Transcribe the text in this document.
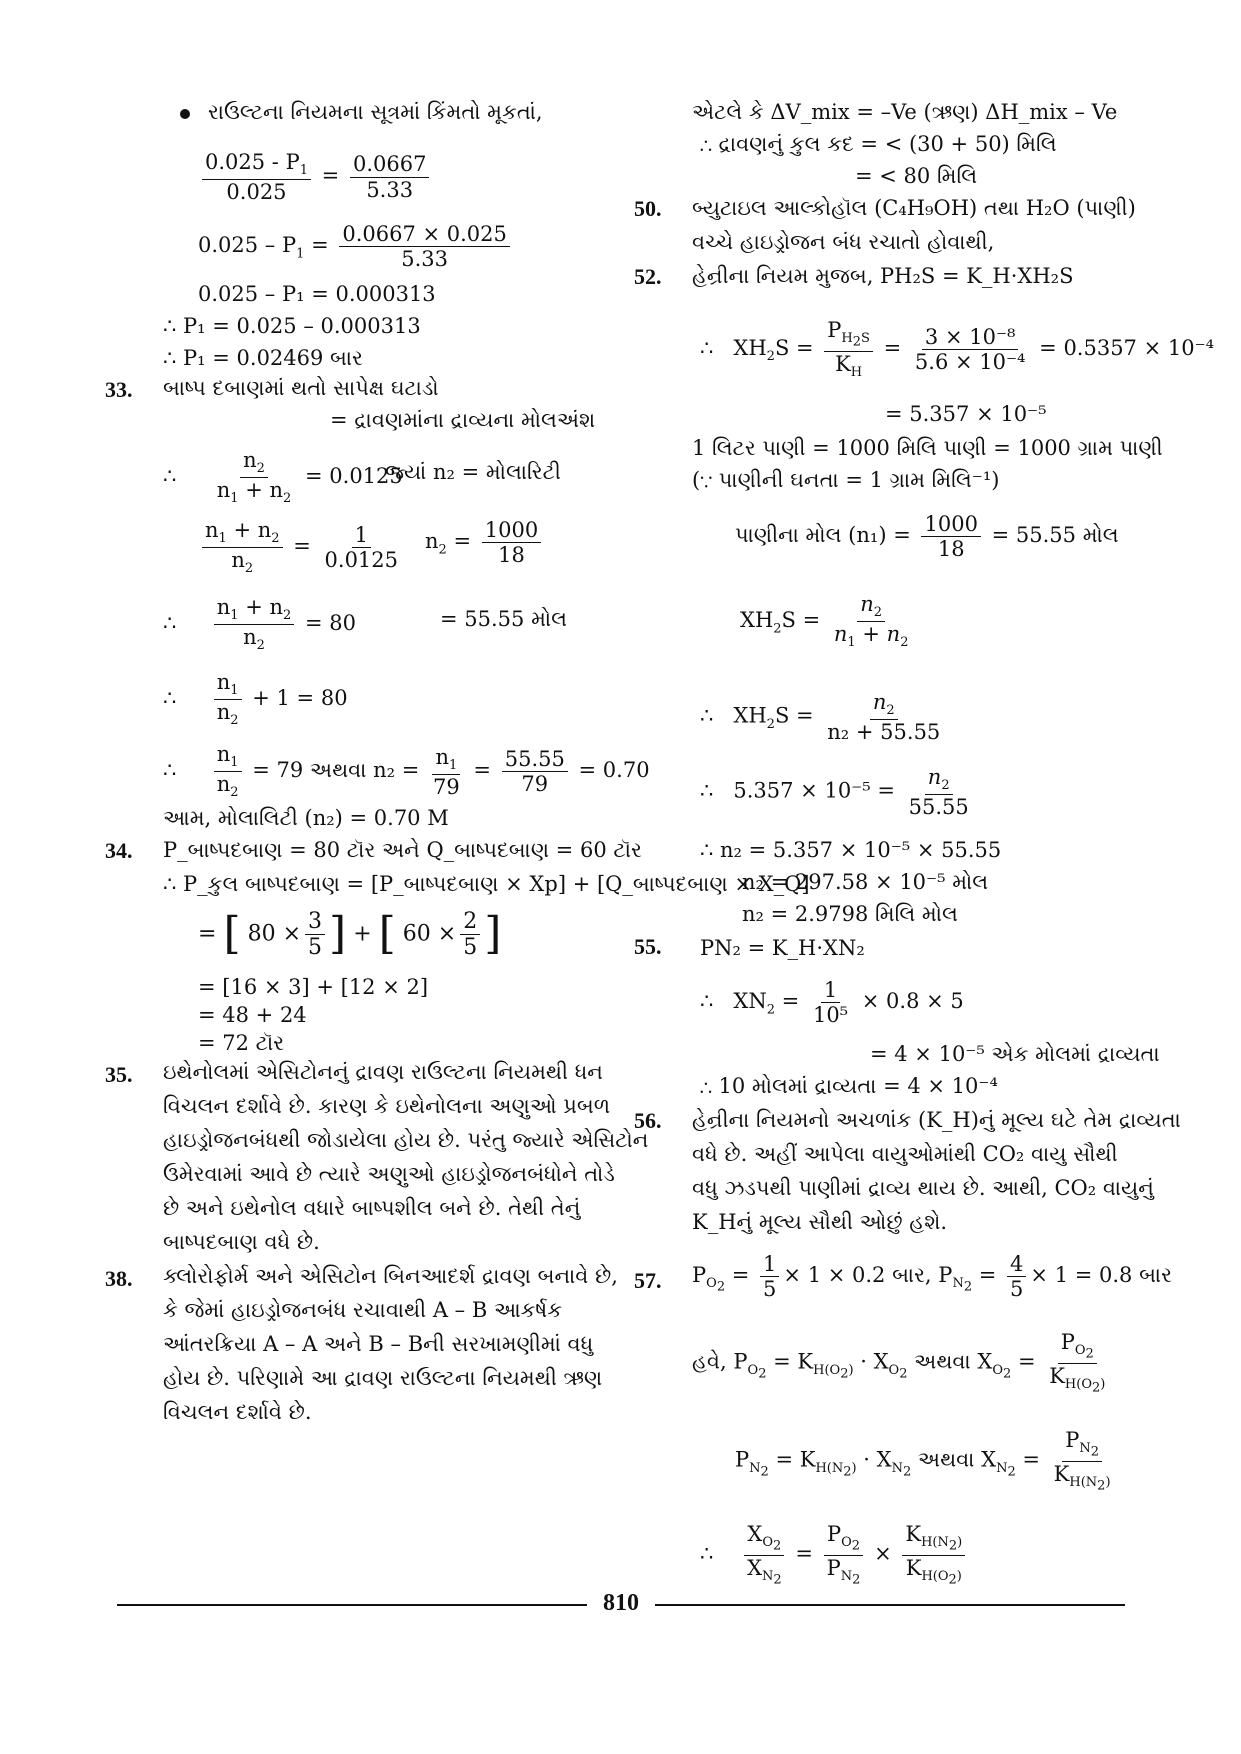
રાઉલ્ટના નિયમના સૂત્રમાં કિંમતો મૂકતાં,
$\frac{0.025 - P_1}{0.025} = \frac{0.0667}{5.33}$
$0.025 - P_1 = \frac{0.0667 \times 0.025}{5.33}$
0.025 – P₁ = 0.000313
∴ P₁ = 0.025 – 0.000313
∴ P₁ = 0.02469 બાર
33. બાષ્પ દબાણમાં થતો સાપેક્ષ ઘટાડો
= દ્રાવણમાંના દ્રાવ્યના મોલઅંશ
∴ $\frac{n_2}{n_1 + n_2} = 0.0125$
જ્યાં n₂ = મોલારિટી
$\frac{n_1 + n_2}{n_2} = \frac{1}{0.0125} n_2 = \frac{1000}{18}$
∴ $\frac{n_1 + n_2}{n_2} = 80$	= 55.55 મોલ
∴ $\frac{n_1}{n_2} + 1 = 80$
∴ $\frac{n_1}{n_2} = 79$ અથવા $n_2 = \frac{n_1}{79} = \frac{55.55}{79} = 0.70$
આમ, મોલાલિટી (n₂) = 0.70 M
34. P_બાષ્પદબાણ = 80 ટૉર અને Q_બાષ્પદબાણ = 60 ટૉર
∴ P_કુલ બાષ્પદબાણ = [P_બાષ્પદબાણ × Xp] + [Q_બાષ્પદબાણ × X_Q]
= [ $80 \times \frac{3}{5}$ ] + [ $60 \times \frac{2}{5}$ ]
= [16 × 3] + [12 × 2]
= 48 + 24
= 72 ટૉર
35. ઇથેનોલમાં એસિટોનનું દ્રાવણ રાઉલ્ટના નિયમથી ધન
વિચલન દર્શાવે છે. કારણ કે ઇથેનોલના અણુઓ પ્રબળ
હાઇડ્રોજનબંધથી જોડાયેલા હોય છે. પરંતુ જ્યારે એસિટોન
ઉમેરવામાં આવે છે ત્યારે અણુઓ હાઇડ્રોજનબંધોને તોડે
છે અને ઇથેનોલ વધારે બાષ્પશીલ બને છે. તેથી તેનું
બાષ્પદબાણ વધે છે.
38. ક્લોરોફોર્મ અને એસિટોન બિનઆદર્શ દ્રાવણ બનાવે છે,
કે જેમાં હાઇડ્રોજનબંધ રચાવાથી A – B આકર્ષક
આંતરક્રિયા A – A અને B – Bની સરખામણીમાં વધુ
હોય છે. પરિણામે આ દ્રાવણ રાઉલ્ટના નિયમથી ઋણ
વિચલન દર્શાવે છે.
એટલે કે ΔV_mix = –Ve (ઋણ) ΔH_mix – Ve
∴ દ્રાવણનું કુલ કદ = < (30 + 50) મિલિ
= < 80 મિલિ
50. બ્યુટાઇલ આલ્કોહૉલ (C₄H₉OH) તથા H₂O (પાણી)
વચ્ચે હાઇડ્રોજન બંધ રચાતો હોવાથી,
52. હેન્રીના નિયમ મુજબ, PH₂S = K_H·XH₂S
∴   $XH_2S = \frac{P_{H_2S}}{K_H} = \frac{\text{3 × 10⁻⁸}}{\text{5.6 × 10⁻⁴}} = 0.5357 \times 10^{-4}$
= 5.357 × 10⁻⁵
1 લિટર પાણી = 1000 મિલિ પાણી = 1000 ગ્રામ પાણી
(∵ પાણીની ઘનતા = 1 ગ્રામ મિલિ⁻¹)
પાણીના મોલ $(n_1) = \frac{1000}{18} = 55.55$ મોલ
$XH_2S = \frac{n_2}{n_1 + n_2}$
∴   $XH_2S = \frac{n_2}{\text{n₂ + 55.55}}$
∴   $5.357 \times 10^{-5} = \frac{n_2}{55.55}$
∴ n₂ = 5.357 × 10⁻⁵ × 55.55
n₂ = 297.58 × 10⁻⁵ મોલ
n₂ = 2.9798 મિલિ મોલ
55. PN₂ = K_H·XN₂
∴   $XN_2 = \frac{1}{\text{10⁵}} \times 0.8 \times 5$
= 4 × 10⁻⁵ એક મોલમાં દ્રાવ્યતા
∴ 10 મોલમાં દ્રાવ્યતા = 4 × 10⁻⁴
56. હેન્રીના નિયમનો અચળાંક (K_H)નું મૂલ્ય ઘટે તેમ દ્રાવ્યતા
વધે છે. અહીં આપેલા વાયુઓમાંથી CO₂ વાયુ સૌથી
વધુ ઝડપથી પાણીમાં દ્રાવ્ય થાય છે. આથી, CO₂ વાયુનું
K_Hનું મૂલ્ય સૌથી ઓછું હશે.
57. $P_{O_2} = \frac{1}{5} \times 1 \times 0.2$ બાર, $P_{N_2} = \frac{4}{5} \times 1 = 0.8$ બાર
હવે, $P_{O_2} = K_{H(O_2)} \cdot X_{O_2}$ અથવા $X_{O_2} = \frac{P_{O_2}}{K_{H(O_2)}}$
$P_{N_2} = K_{H(N_2)} \cdot X_{N_2}$ અથવા $X_{N_2} = \frac{P_{N_2}}{K_{H(N_2)}}$
∴ $\frac{X_{O_2}}{X_{N_2}} = \frac{P_{O_2}}{P_{N_2}} \times \frac{K_{H(N_2)}}{K_{H(O_2)}}$
810
